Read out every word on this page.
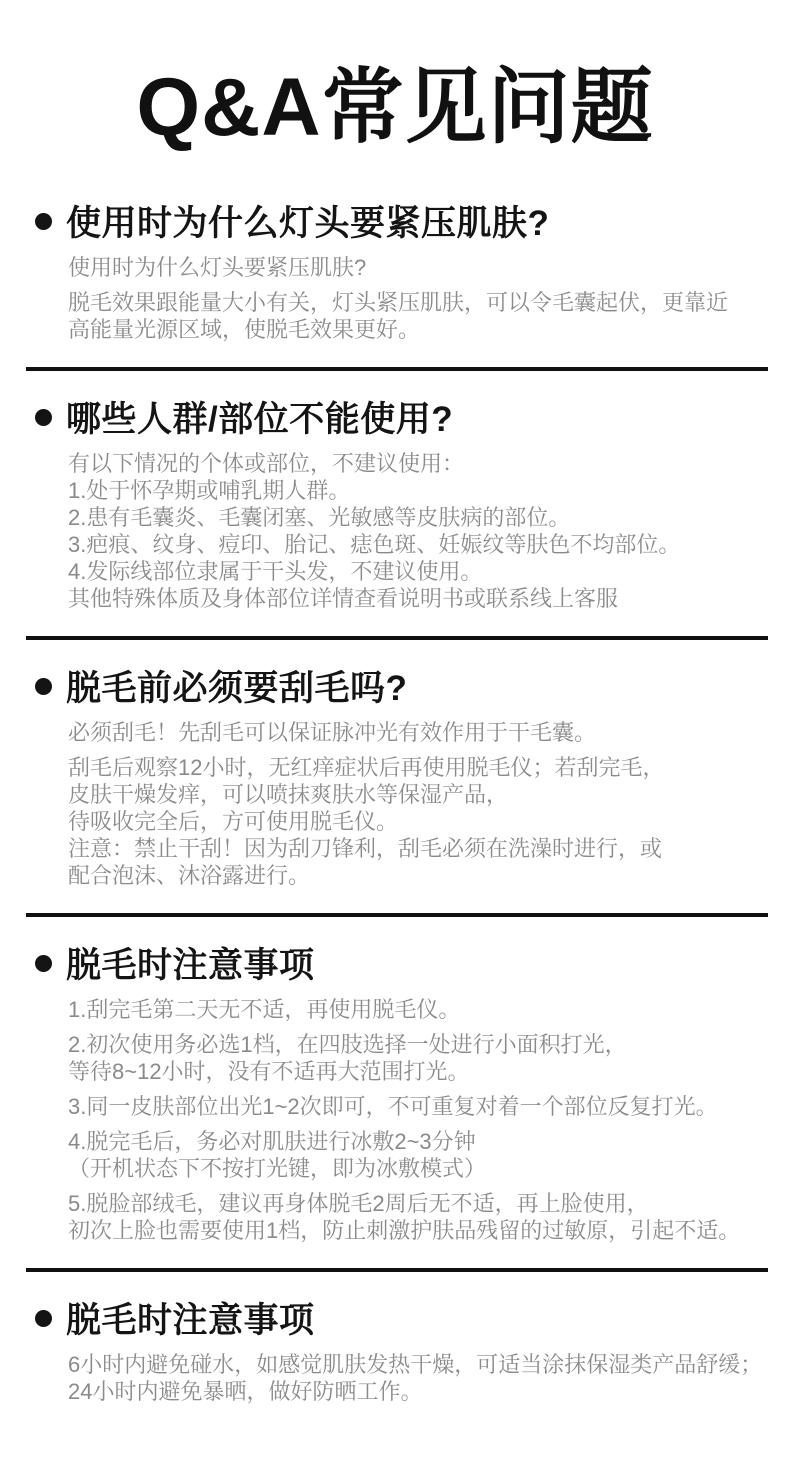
Q&A常见问题
使用时为什么灯头要紧压肌肤?
使用时为什么灯头要紧压肌肤?
脱毛效果跟能量大小有关，灯头紧压肌肤，可以令毛囊起伏，更靠近
高能量光源区域，使脱毛效果更好。
哪些人群/部位不能使用?
有以下情况的个体或部位，不建议使用：
1.处于怀孕期或哺乳期人群。
2.患有毛囊炎、毛囊闭塞、光敏感等皮肤病的部位。
3.疤痕、纹身、痘印、胎记、痣色斑、妊娠纹等肤色不均部位。
4.发际线部位隶属于干头发，不建议使用。
其他特殊体质及身体部位详情查看说明书或联系线上客服
脱毛前必须要刮毛吗?
必须刮毛！先刮毛可以保证脉冲光有效作用于干毛囊。
刮毛后观察12小时，无红痒症状后再使用脱毛仪；若刮完毛，
皮肤干燥发痒，可以喷抹爽肤水等保湿产品，
待吸收完全后，方可使用脱毛仪。
注意：禁止干刮！因为刮刀锋利，刮毛必须在洗澡时进行，或
配合泡沫、沐浴露进行。
脱毛时注意事项
1.刮完毛第二天无不适，再使用脱毛仪。
2.初次使用务必选1档，在四肢选择一处进行小面积打光，
等待8~12小时，没有不适再大范围打光。
3.同一皮肤部位出光1~2次即可，不可重复对着一个部位反复打光。
4.脱完毛后，务必对肌肤进行冰敷2~3分钟
（开机状态下不按打光键，即为冰敷模式）
5.脱脸部绒毛，建议再身体脱毛2周后无不适，再上脸使用，
初次上脸也需要使用1档，防止刺激护肤品残留的过敏原，引起不适。
脱毛时注意事项
6小时内避免碰水，如感觉肌肤发热干燥，可适当涂抹保湿类产品舒缓；
24小时内避免暴晒，做好防晒工作。
